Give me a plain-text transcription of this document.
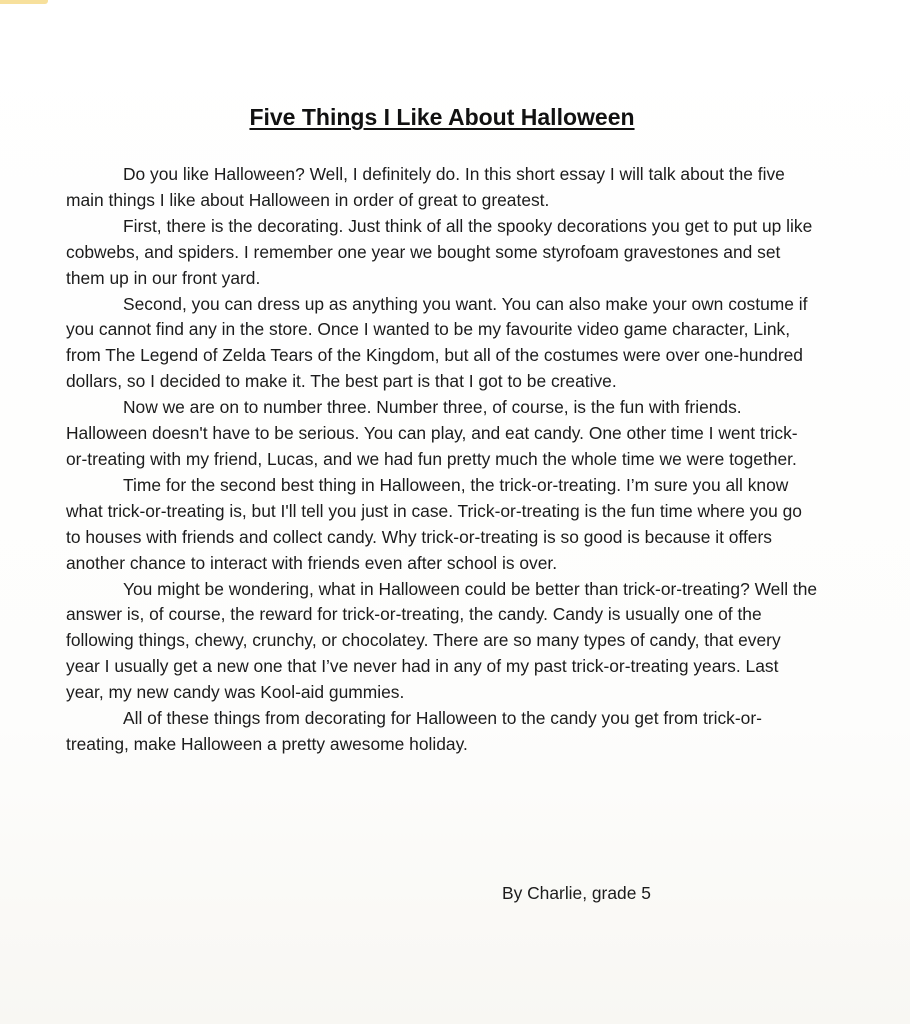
Five Things I Like About Halloween

Do you like Halloween? Well, I definitely do. In this short essay I will talk about the five main things I like about Halloween in order of great to greatest.

First, there is the decorating. Just think of all the spooky decorations you get to put up like cobwebs, and spiders. I remember one year we bought some styrofoam gravestones and set them up in our front yard.

Second, you can dress up as anything you want. You can also make your own costume if you cannot find any in the store. Once I wanted to be my favourite video game character, Link, from The Legend of Zelda Tears of the Kingdom, but all of the costumes were over one-hundred dollars, so I decided to make it. The best part is that I got to be creative.

Now we are on to number three. Number three, of course, is the fun with friends. Halloween doesn't have to be serious. You can play, and eat candy. One other time I went trick-or-treating with my friend, Lucas, and we had fun pretty much the whole time we were together.

Time for the second best thing in Halloween, the trick-or-treating. I’m sure you all know what trick-or-treating is, but I'll tell you just in case. Trick-or-treating is the fun time where you go to houses with friends and collect candy. Why trick-or-treating is so good is because it offers another chance to interact with friends even after school is over.

You might be wondering, what in Halloween could be better than trick-or-treating? Well the answer is, of course, the reward for trick-or-treating, the candy. Candy is usually one of the following things, chewy, crunchy, or chocolatey. There are so many types of candy, that every year I usually get a new one that I’ve never had in any of my past trick-or-treating years. Last year, my new candy was Kool-aid gummies.

All of these things from decorating for Halloween to the candy you get from trick-or-treating, make Halloween a pretty awesome holiday.

By Charlie, grade 5
